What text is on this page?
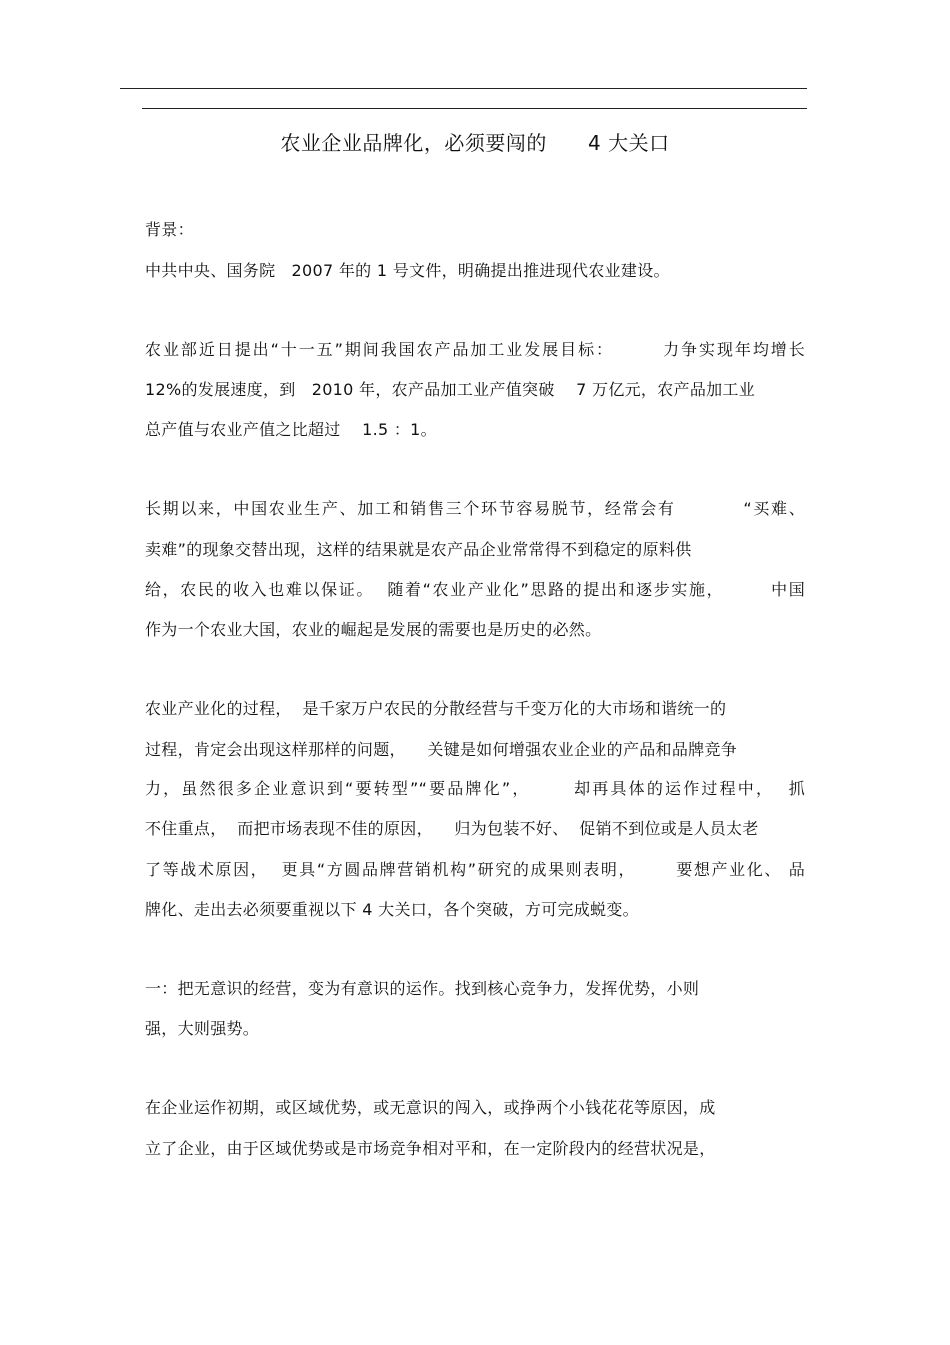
农业企业品牌化，必须要闯的      4 大关口
背景：
中共中央、国务院   2007 年的 1 号文件，明确提出推进现代农业建设。
农业部近日提出“十一五”期间我国农产品加工业发展目标：       力争实现年均增长
12%的发展速度，到   2010 年，农产品加工业产值突破    7 万亿元，农产品加工业
总产值与农业产值之比超过    1.5 ：1。
长期以来，中国农业生产、加工和销售三个环节容易脱节，经常会有          “买难、
卖难”的现象交替出现，这样的结果就是农产品企业常常得不到稳定的原料供
给，农民的收入也难以保证。  随着“农业产业化”思路的提出和逐步实施，       中国
作为一个农业大国，农业的崛起是发展的需要也是历史的必然。
农业产业化的过程，  是千家万户农民的分散经营与千变万化的大市场和谐统一的
过程，肯定会出现这样那样的问题，    关键是如何增强农业企业的产品和品牌竞争
力，虽然很多企业意识到“要转型”“要品牌化”，      却再具体的运作过程中，  抓
不住重点，  而把市场表现不佳的原因，    归为包装不好、  促销不到位或是人员太老
了等战术原因，  更具“方圆品牌营销机构”研究的成果则表明，      要想产业化、 品
牌化、走出去必须要重视以下 4 大关口，各个突破，方可完成蜕变。
一：把无意识的经营，变为有意识的运作。找到核心竞争力，发挥优势，小则
强，大则强势。
在企业运作初期，或区域优势，或无意识的闯入，或挣两个小钱花花等原因，成
立了企业，由于区域优势或是市场竞争相对平和，在一定阶段内的经营状况是，
